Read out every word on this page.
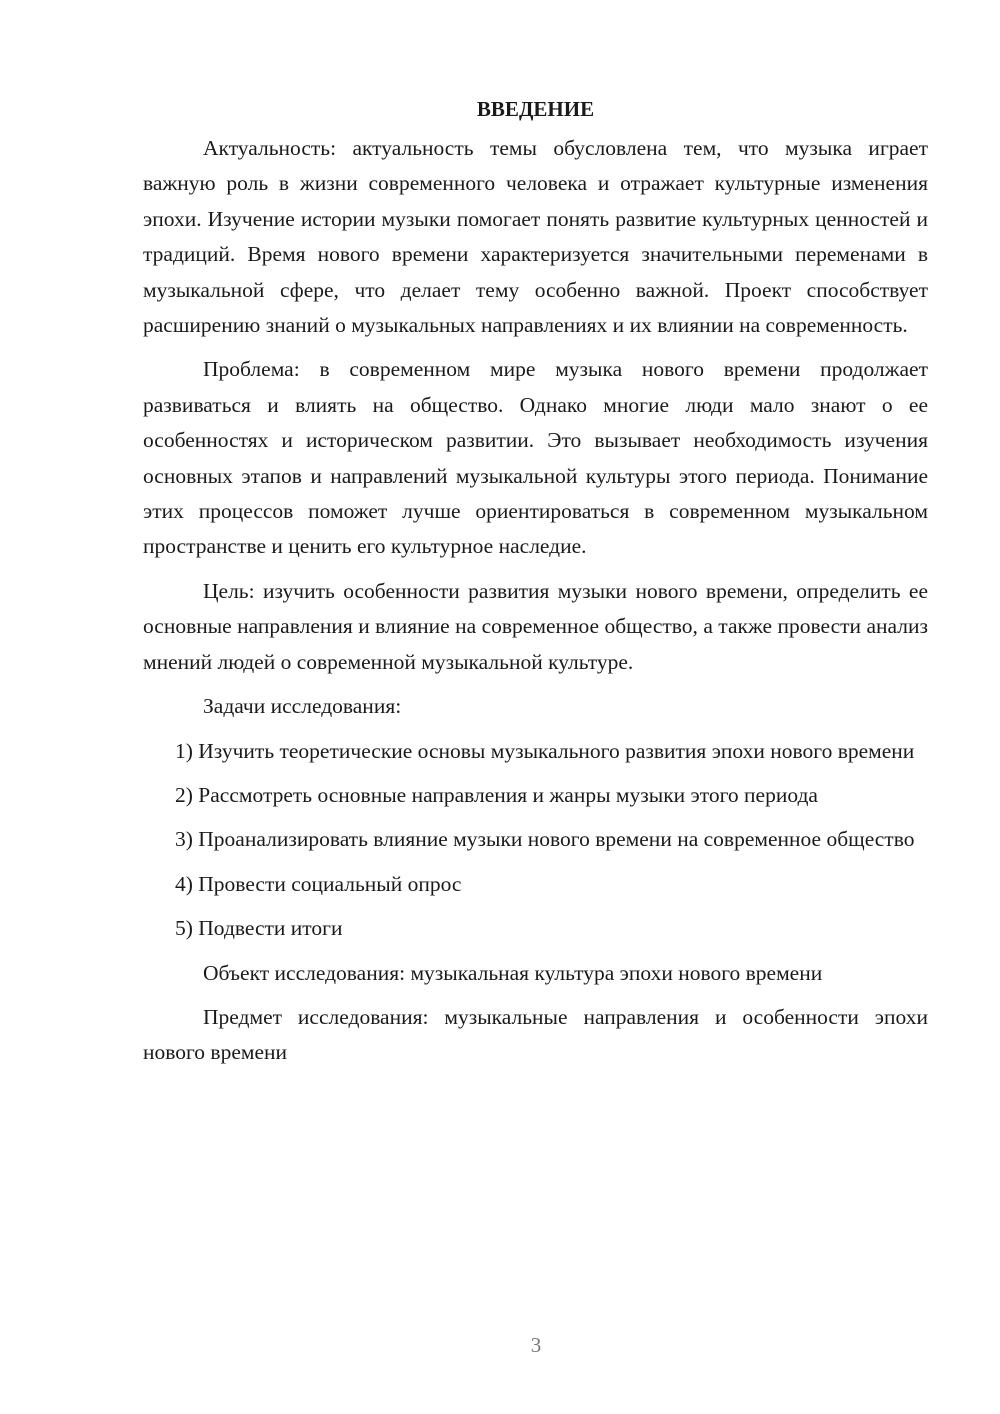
ВВЕДЕНИЕ

Актуальность: актуальность темы обусловлена тем, что музыка играет важную роль в жизни современного человека и отражает культурные изменения эпохи. Изучение истории музыки помогает понять развитие культурных ценностей и традиций. Время нового времени характеризуется значительными переменами в музыкальной сфере, что делает тему особенно важной. Проект способствует расширению знаний о музыкальных направлениях и их влиянии на современность.

Проблема: в современном мире музыка нового времени продолжает развиваться и влиять на общество. Однако многие люди мало знают о ее особенностях и историческом развитии. Это вызывает необходимость изучения основных этапов и направлений музыкальной культуры этого периода. Понимание этих процессов поможет лучше ориентироваться в современном музыкальном пространстве и ценить его культурное наследие.

Цель: изучить особенности развития музыки нового времени, определить ее основные направления и влияние на современное общество, а также провести анализ мнений людей о современной музыкальной культуре.

Задачи исследования:

1) Изучить теоретические основы музыкального развития эпохи нового времени

2) Рассмотреть основные направления и жанры музыки этого периода

3) Проанализировать влияние музыки нового времени на современное общество

4) Провести социальный опрос

5) Подвести итоги

Объект исследования: музыкальная культура эпохи нового времени

Предмет исследования: музыкальные направления и особенности эпохи нового времени

3
